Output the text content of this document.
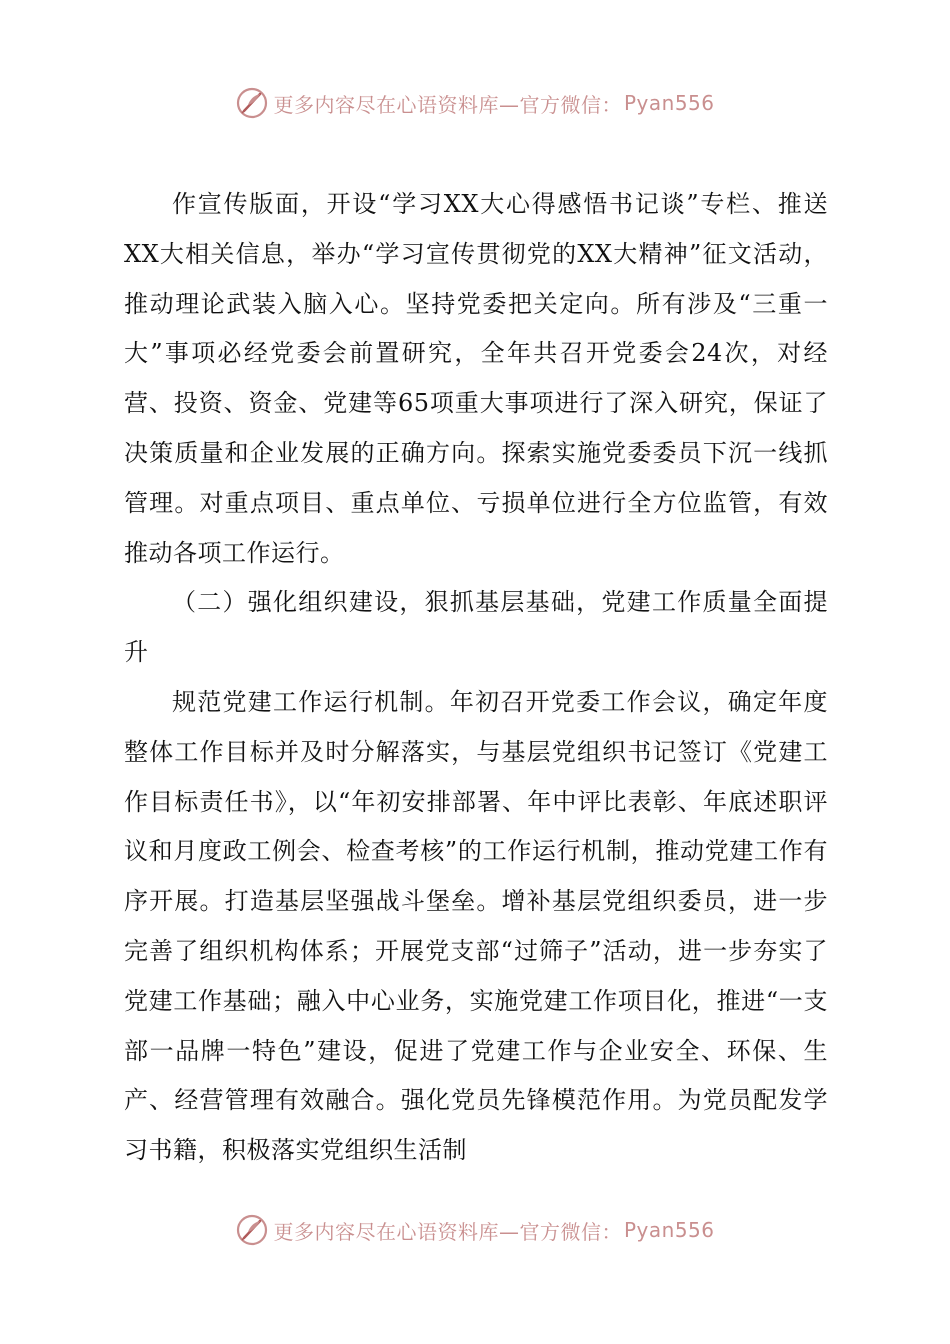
更多内容尽在心语资料库—官方微信： Pyan556

作宣传版面，开设“学习XX大心得感悟书记谈”专栏、推送XX大相关信息，举办“学习宣传贯彻党的XX大精神”征文活动，推动理论武装入脑入心。坚持党委把关定向。所有涉及“三重一大”事项必经党委会前置研究，全年共召开党委会24次，对经营、投资、资金、党建等65项重大事项进行了深入研究，保证了决策质量和企业发展的正确方向。探索实施党委委员下沉一线抓管理。对重点项目、重点单位、亏损单位进行全方位监管，有效推动各项工作运行。

（二）强化组织建设，狠抓基层基础，党建工作质量全面提升

规范党建工作运行机制。年初召开党委工作会议，确定年度整体工作目标并及时分解落实，与基层党组织书记签订《党建工作目标责任书》，以“年初安排部署、年中评比表彰、年底述职评议和月度政工例会、检查考核”的工作运行机制，推动党建工作有序开展。打造基层坚强战斗堡垒。增补基层党组织委员，进一步完善了组织机构体系；开展党支部“过筛子”活动，进一步夯实了党建工作基础；融入中心业务，实施党建工作项目化，推进“一支部一品牌一特色”建设，促进了党建工作与企业安全、环保、生产、经营管理有效融合。强化党员先锋模范作用。为党员配发学习书籍，积极落实党组织生活制

更多内容尽在心语资料库—官方微信： Pyan556
